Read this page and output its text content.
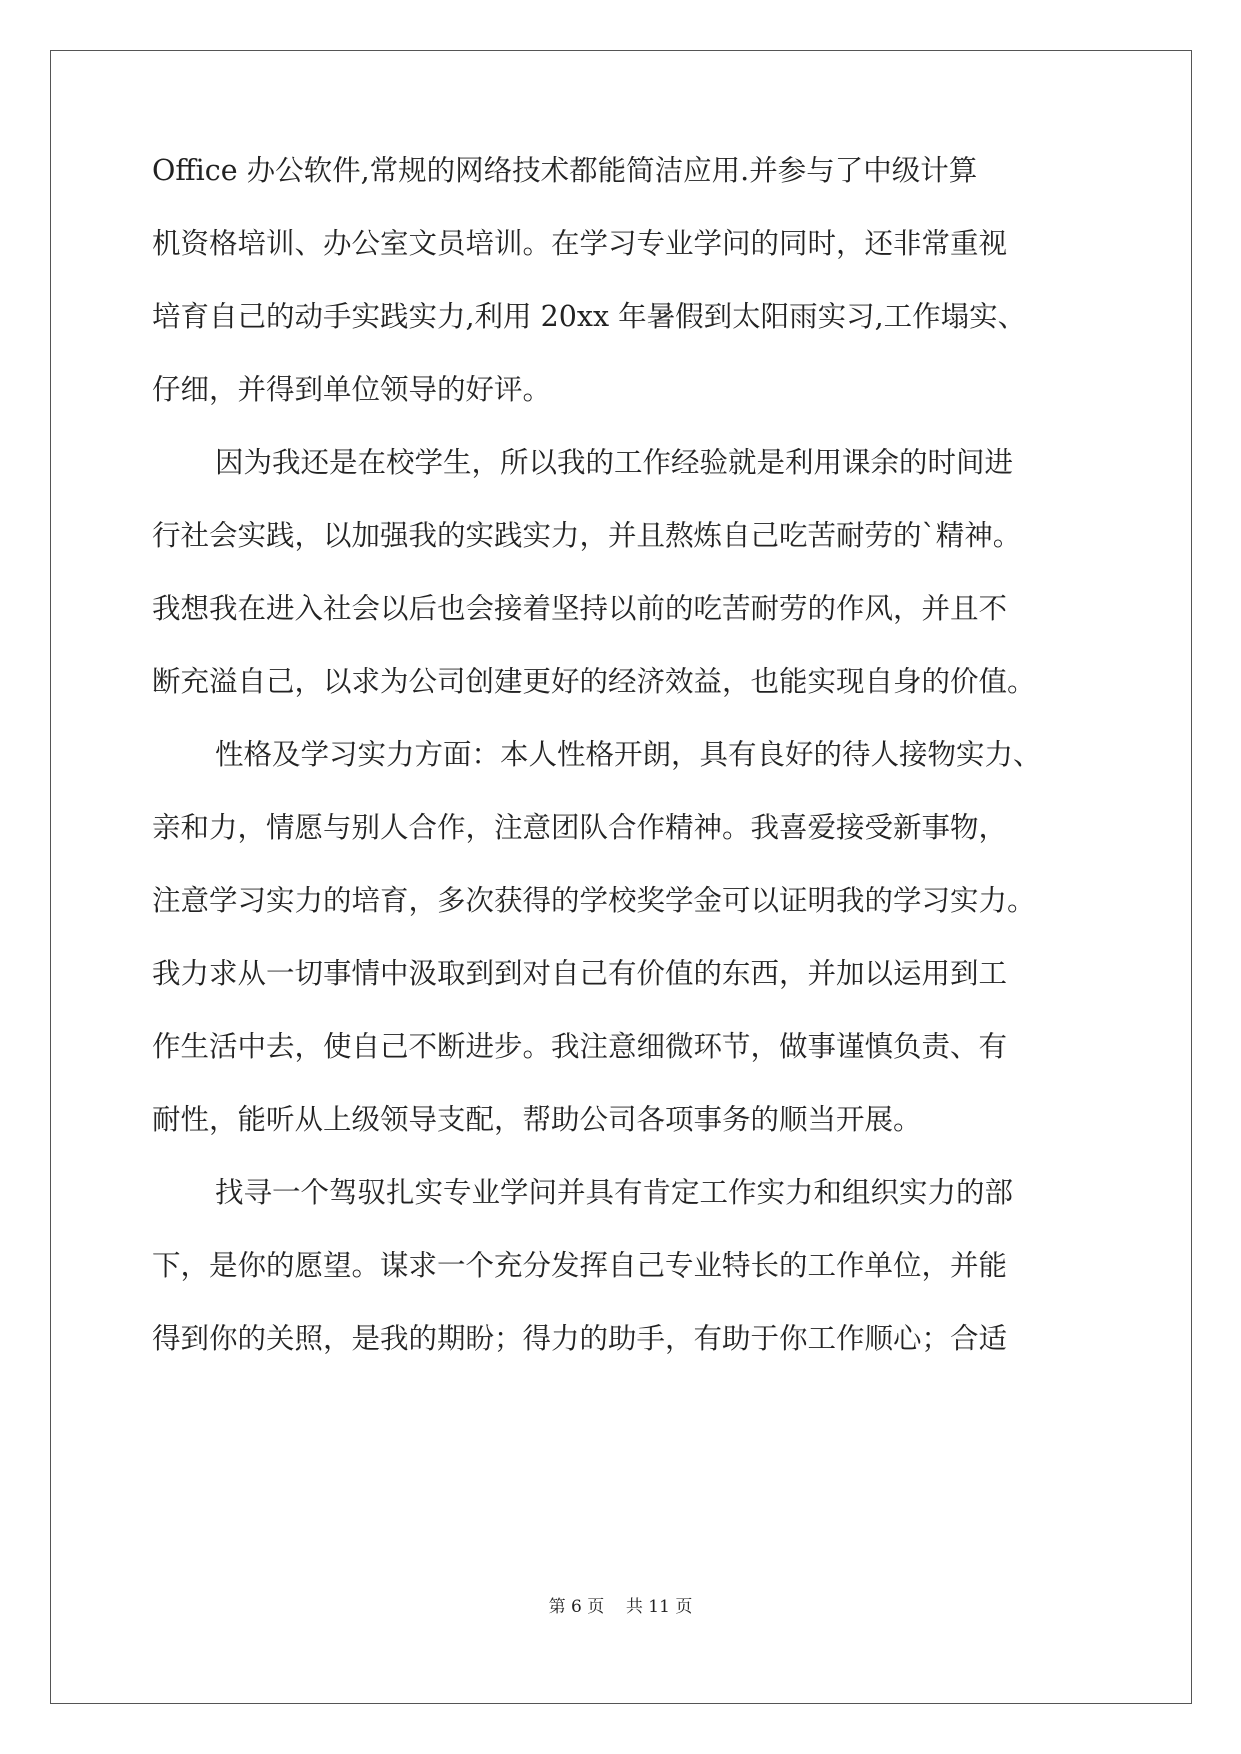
Office 办公软件,常规的网络技术都能简洁应用.并参与了中级计算
机资格培训、办公室文员培训。在学习专业学问的同时，还非常重视
培育自己的动手实践实力,利用 20xx 年暑假到太阳雨实习,工作塌实、
仔细，并得到单位领导的好评。
因为我还是在校学生，所以我的工作经验就是利用课余的时间进
行社会实践，以加强我的实践实力，并且熬炼自己吃苦耐劳的`精神。
我想我在进入社会以后也会接着坚持以前的吃苦耐劳的作风，并且不
断充溢自己，以求为公司创建更好的经济效益，也能实现自身的价值。
性格及学习实力方面：本人性格开朗，具有良好的待人接物实力、
亲和力，情愿与别人合作，注意团队合作精神。我喜爱接受新事物，
注意学习实力的培育，多次获得的学校奖学金可以证明我的学习实力。
我力求从一切事情中汲取到到对自己有价值的东西，并加以运用到工
作生活中去，使自己不断进步。我注意细微环节，做事谨慎负责、有
耐性，能听从上级领导支配，帮助公司各项事务的顺当开展。
找寻一个驾驭扎实专业学问并具有肯定工作实力和组织实力的部
下，是你的愿望。谋求一个充分发挥自己专业特长的工作单位，并能
得到你的关照，是我的期盼；得力的助手，有助于你工作顺心；合适
第 6 页 共 11 页
